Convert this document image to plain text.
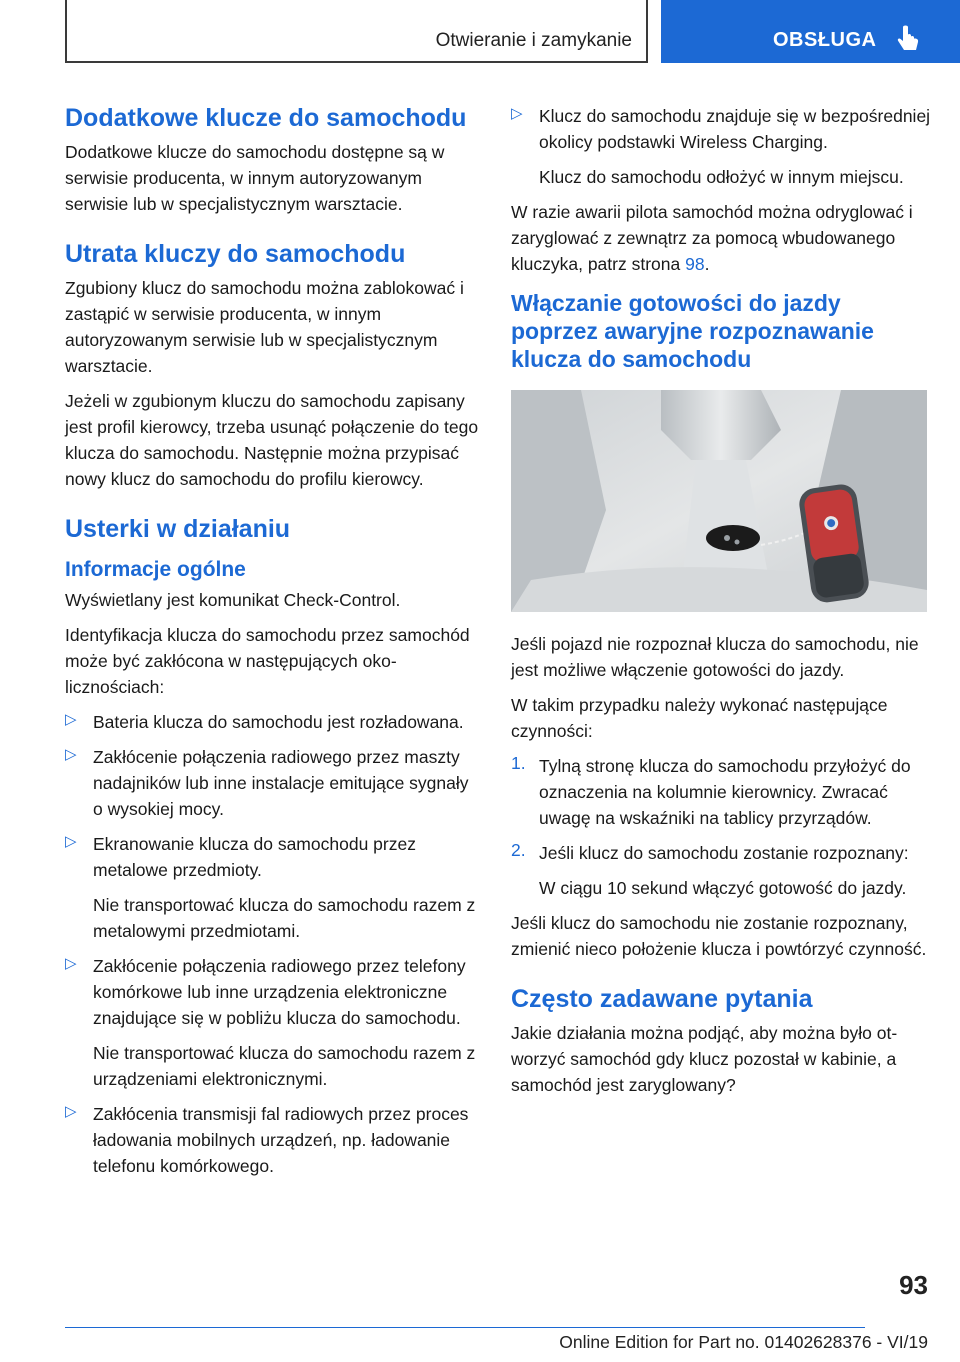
Otwieranie i zamykanie	OBSŁUGA
Dodatkowe klucze do samochodu

Dodatkowe klucze do samochodu dostępne są w serwisie producenta, w innym autoryzowanym serwisie lub w specjalistycznym warsztacie.

Utrata kluczy do samochodu

Zgubiony klucz do samochodu można zablokować i zastąpić w serwisie producenta, w innym autoryzowanym serwisie lub w specjalistycznym warsztacie.

Jeżeli w zgubionym kluczu do samochodu zapisany jest profil kierowcy, trzeba usunąć połączenie do tego klucza do samochodu. Następnie można przypisać nowy klucz do samochodu do profilu kierowcy.

Usterki w działaniu
Informacje ogólne

Wyświetlany jest komunikat Check-Control.

Identyfikacja klucza do samochodu przez samochód może być zakłócona w następujących okolicznościach:

▷ Bateria klucza do samochodu jest rozładowana.

▷ Zakłócenie połączenia radiowego przez maszty nadajników lub inne instalacje emitujące sygnały o wysokiej mocy.

▷ Ekranowanie klucza do samochodu przez metalowe przedmioty.

Nie transportować klucza do samochodu razem z metalowymi przedmiotami.

▷ Zakłócenie połączenia radiowego przez telefony komórkowe lub inne urządzenia elektroniczne znajdujące się w pobliżu klucza do samochodu.

Nie transportować klucza do samochodu razem z urządzeniami elektronicznymi.

▷ Zakłócenia transmisji fal radiowych przez proces ładowania mobilnych urządzeń, np. ładowanie telefonu komórkowego.

▷ Klucz do samochodu znajduje się w bezpośredniej okolicy podstawki Wireless Charging.

Klucz do samochodu odłożyć w innym miejscu.

W razie awarii pilota samochód można odryglować i zaryglować z zewnątrz za pomocą wbudowanego kluczyka, patrz strona 98.

Włączanie gotowości do jazdy poprzez awaryjne rozpoznawanie klucza do samochodu

Jeśli pojazd nie rozpoznał klucza do samochodu, nie jest możliwe włączenie gotowości do jazdy.

W takim przypadku należy wykonać następujące czynności:

1. Tylną stronę klucza do samochodu przyłożyć do oznaczenia na kolumnie kierownicy. Zwracać uwagę na wskaźniki na tablicy przyrządów.

2. Jeśli klucz do samochodu zostanie rozpoznany:

W ciągu 10 sekund włączyć gotowość do jazdy.

Jeśli klucz do samochodu nie zostanie rozpoznany, zmienić nieco położenie klucza i powtórzyć czynność.

Często zadawane pytania

Jakie działania można podjąć, aby można było otworzyć samochód gdy klucz pozostał w kabinie, a samochód jest zaryglowany?

93
Online Edition for Part no. 01402628376 - VI/19
